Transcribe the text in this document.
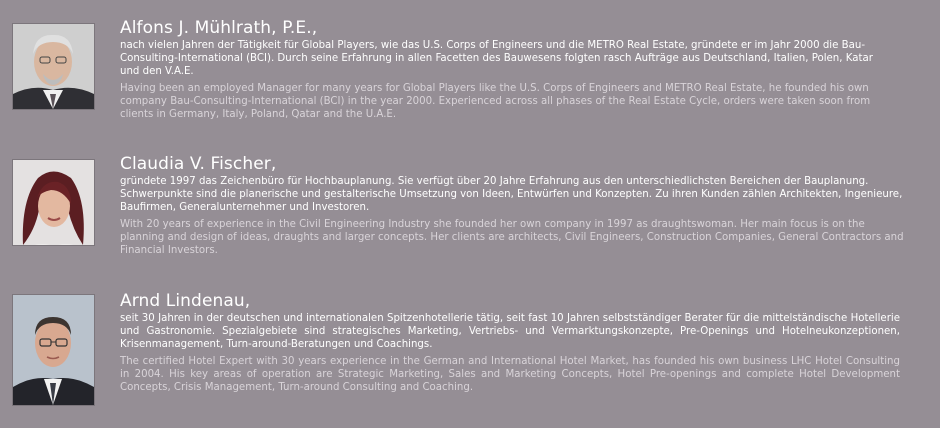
Alfons J. Mühlrath, P.E.,
nach vielen Jahren der Tätigkeit für Global Players, wie das U.S. Corps of Engineers und die METRO Real Estate, gründete er im Jahr 2000 die Bau-Consulting-International (BCI). Durch seine Erfahrung in allen Facetten des Bauwesens folgten rasch Aufträge aus Deutschland, Italien, Polen, Katar und den V.A.E.
Having been an employed Manager for many years for Global Players like the U.S. Corps of Engineers and METRO Real Estate, he founded his own company Bau-Consulting-International (BCI) in the year 2000. Experienced across all phases of the Real Estate Cycle, orders were taken soon from clients in Germany, Italy, Poland, Qatar and the U.A.E.
Claudia V. Fischer,
gründete 1997 das Zeichenbüro für Hochbauplanung. Sie verfügt über 20 Jahre Erfahrung aus den unterschiedlichsten Bereichen der Bauplanung. Schwerpunkte sind die planerische und gestalterische Umsetzung von Ideen, Entwürfen und Konzepten. Zu ihren Kunden zählen Architekten, Ingenieure, Baufirmen, Generalunternehmer und Investoren.
With 20 years of experience in the Civil Engineering Industry she founded her own company in 1997 as draughtswoman. Her main focus is on the planning and design of ideas, draughts and larger concepts. Her clients are architects, Civil Engineers, Construction Companies, General Contractors and Financial Investors.
Arnd Lindenau,
seit 30 Jahren in der deutschen und internationalen Spitzenhotellerie tätig, seit fast 10 Jahren selbstständiger Berater für die mittelständische Hotellerie und Gastronomie. Spezialgebiete sind strategisches Marketing, Vertriebs- und Vermarktungskonzepte, Pre-Openings und Hotelneukonzeptionen, Krisenmanagement, Turn-around-Beratungen und Coachings.
The certified Hotel Expert with 30 years experience in the German and International Hotel Market, has founded his own business LHC Hotel Consulting in 2004. His key areas of operation are Strategic Marketing, Sales and Marketing Concepts, Hotel Pre-openings and complete Hotel Development Concepts, Crisis Management, Turn-around Consulting and Coaching.
